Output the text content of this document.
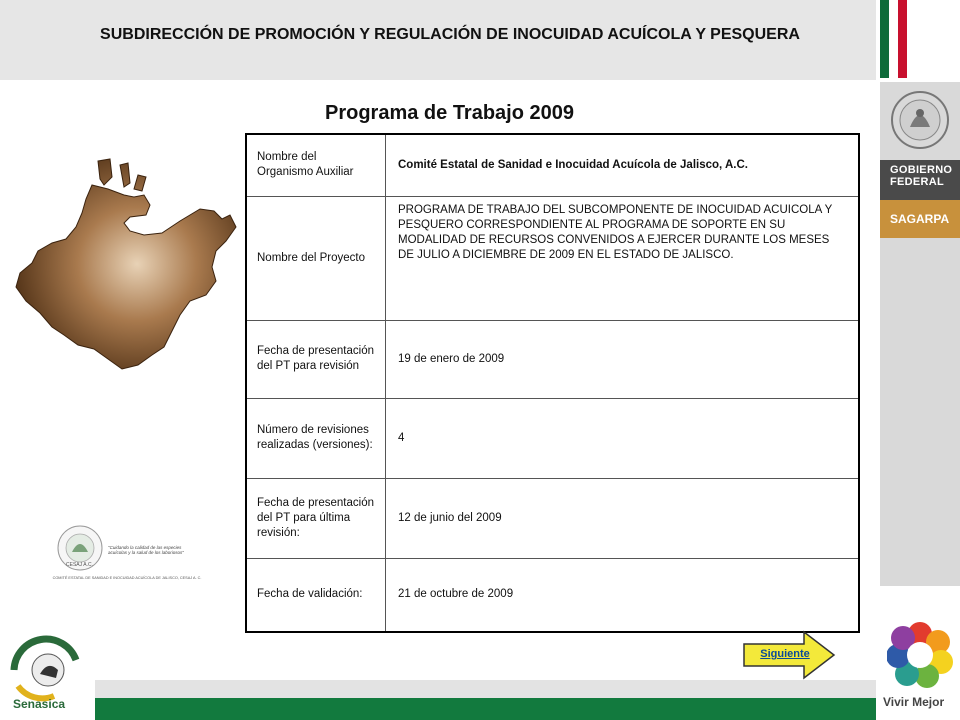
SUBDIRECCIÓN DE PROMOCIÓN Y REGULACIÓN DE INOCUIDAD ACUÍCOLA Y PESQUERA
GOBIERNO
FEDERAL
SAGARPA
Programa de Trabajo 2009
Nombre del Organismo Auxiliar	Comité Estatal de Sanidad e Inocuidad Acuícola de Jalisco, A.C.
Nombre del Proyecto	PROGRAMA DE TRABAJO DEL SUBCOMPONENTE DE INOCUIDAD ACUICOLA Y PESQUERO CORRESPONDIENTE AL PROGRAMA DE SOPORTE EN SU MODALIDAD DE RECURSOS CONVENIDOS A EJERCER DURANTE LOS MESES DE JULIO A DICIEMBRE DE 2009 EN EL ESTADO DE JALISCO.
Fecha de presentación del PT para revisión	19 de enero de 2009
Número de revisiones realizadas (versiones):	4
Fecha de presentación del PT para última revisión:	12 de junio del 2009
Fecha de validación:	21 de octubre de 2009
CESAJ A.C.
"Cuidando la calidad de las especies acuícolas y la salud de los laboriosos"
COMITÉ ESTATAL DE SANIDAD E INOCUIDAD ACUÍCOLA DE JALISCO, CESAJ A. C.
Siguiente
Senasica	Vivir Mejor
